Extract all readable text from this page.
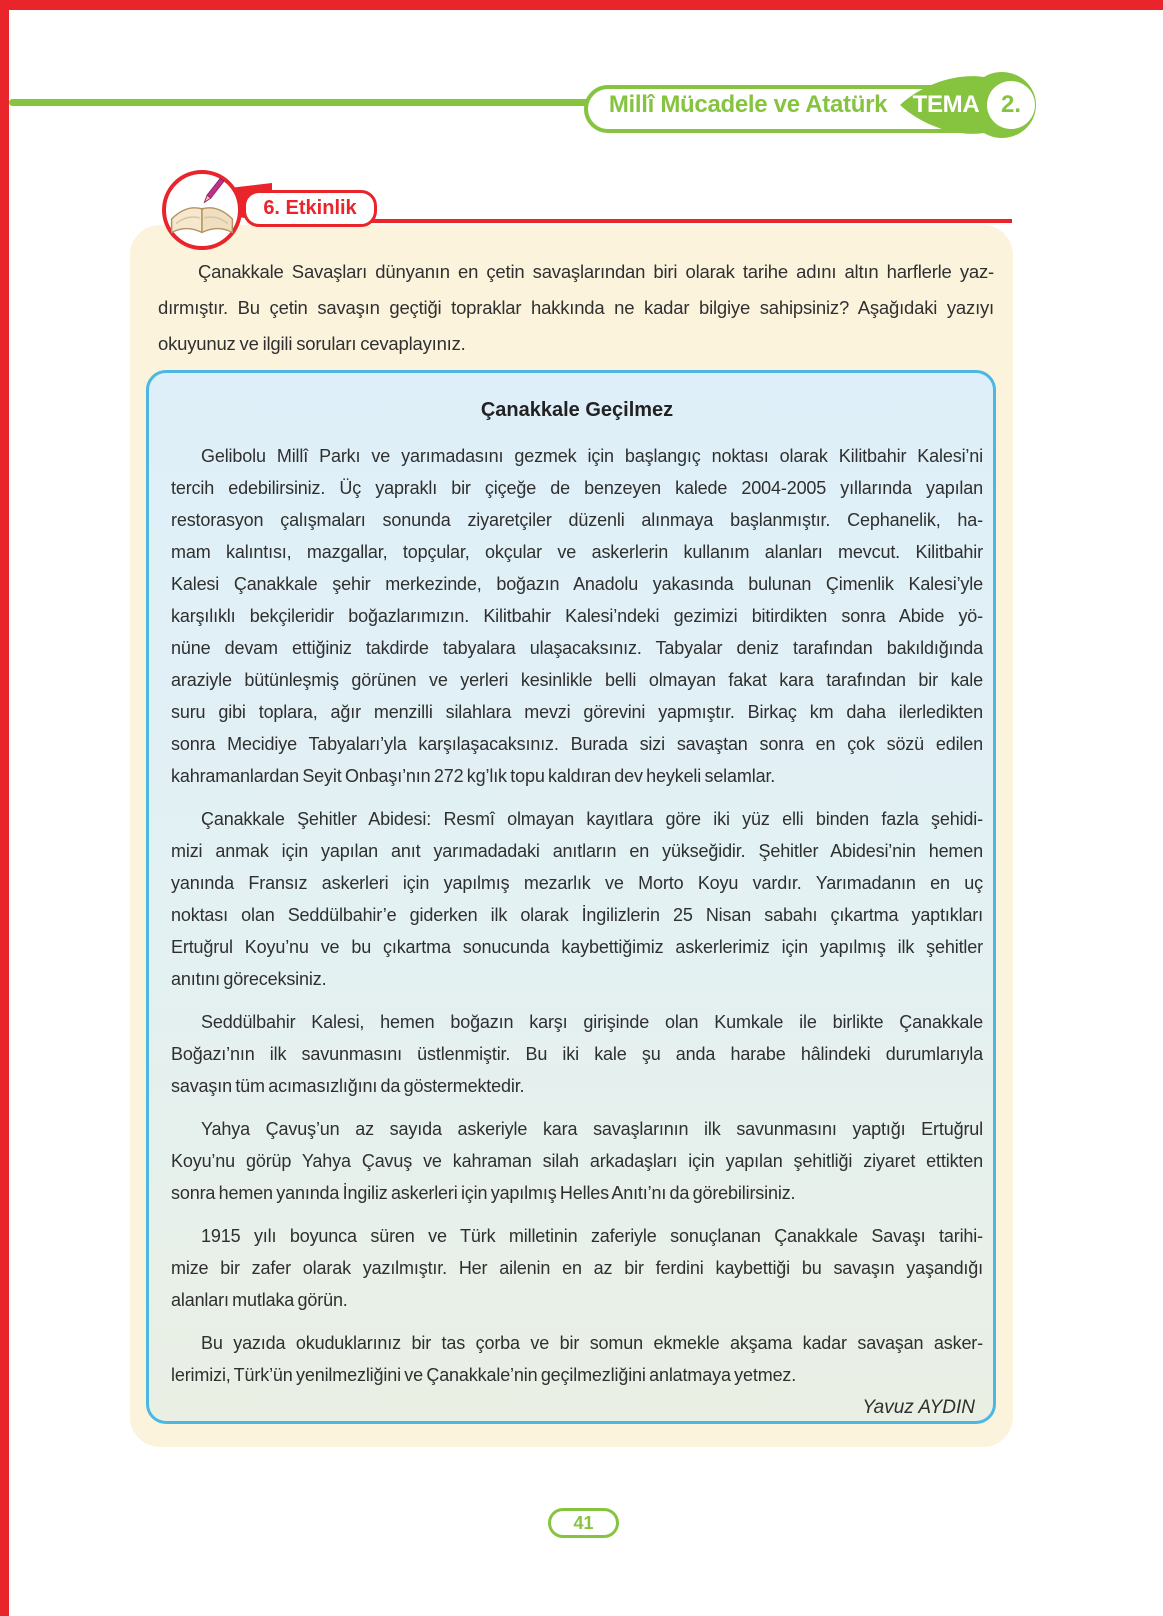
Millî Mücadele ve Atatürk TEMA 2.
6. Etkinlik
Çanakkale Savaşları dünyanın en çetin savaşlarından biri olarak tarihe adını altın harflerle yaz-
dırmıştır. Bu çetin savaşın geçtiği topraklar hakkında ne kadar bilgiye sahipsiniz? Aşağıdaki yazıyı
okuyunuz ve ilgili soruları cevaplayınız.
Çanakkale Geçilmez
Gelibolu Millî Parkı ve yarımadasını gezmek için başlangıç noktası olarak Kilitbahir Kalesi’ni
tercih edebilirsiniz. Üç yapraklı bir çiçeğe de benzeyen kalede 2004-2005 yıllarında yapılan
restorasyon çalışmaları sonunda ziyaretçiler düzenli alınmaya başlanmıştır. Cephanelik, ha-
mam kalıntısı, mazgallar, topçular, okçular ve askerlerin kullanım alanları mevcut. Kilitbahir
Kalesi Çanakkale şehir merkezinde, boğazın Anadolu yakasında bulunan Çimenlik Kalesi’yle
karşılıklı bekçileridir boğazlarımızın. Kilitbahir Kalesi’ndeki gezimizi bitirdikten sonra Abide yö-
nüne devam ettiğiniz takdirde tabyalara ulaşacaksınız. Tabyalar deniz tarafından bakıldığında
araziyle bütünleşmiş görünen ve yerleri kesinlikle belli olmayan fakat kara tarafından bir kale
suru gibi toplara, ağır menzilli silahlara mevzi görevini yapmıştır. Birkaç km daha ilerledikten
sonra Mecidiye Tabyaları’yla karşılaşacaksınız. Burada sizi savaştan sonra en çok sözü edilen
kahramanlardan Seyit Onbaşı’nın 272 kg’lık topu kaldıran dev heykeli selamlar.
Çanakkale Şehitler Abidesi: Resmî olmayan kayıtlara göre iki yüz elli binden fazla şehidi-
mizi anmak için yapılan anıt yarımadadaki anıtların en yükseğidir. Şehitler Abidesi’nin hemen
yanında Fransız askerleri için yapılmış mezarlık ve Morto Koyu vardır. Yarımadanın en uç
noktası olan Seddülbahir’e giderken ilk olarak İngilizlerin 25 Nisan sabahı çıkartma yaptıkları
Ertuğrul Koyu’nu ve bu çıkartma sonucunda kaybettiğimiz askerlerimiz için yapılmış ilk şehitler
anıtını göreceksiniz.
Seddülbahir Kalesi, hemen boğazın karşı girişinde olan Kumkale ile birlikte Çanakkale
Boğazı’nın ilk savunmasını üstlenmiştir. Bu iki kale şu anda harabe hâlindeki durumlarıyla
savaşın tüm acımasızlığını da göstermektedir.
Yahya Çavuş’un az sayıda askeriyle kara savaşlarının ilk savunmasını yaptığı Ertuğrul
Koyu’nu görüp Yahya Çavuş ve kahraman silah arkadaşları için yapılan şehitliği ziyaret ettikten
sonra hemen yanında İngiliz askerleri için yapılmış Helles Anıtı’nı da görebilirsiniz.
1915 yılı boyunca süren ve Türk milletinin zaferiyle sonuçlanan Çanakkale Savaşı tarihi-
mize bir zafer olarak yazılmıştır. Her ailenin en az bir ferdini kaybettiği bu savaşın yaşandığı
alanları mutlaka görün.
Bu yazıda okuduklarınız bir tas çorba ve bir somun ekmekle akşama kadar savaşan asker-
lerimizi, Türk’ün yenilmezliğini ve Çanakkale’nin geçilmezliğini anlatmaya yetmez.
Yavuz AYDIN
41
